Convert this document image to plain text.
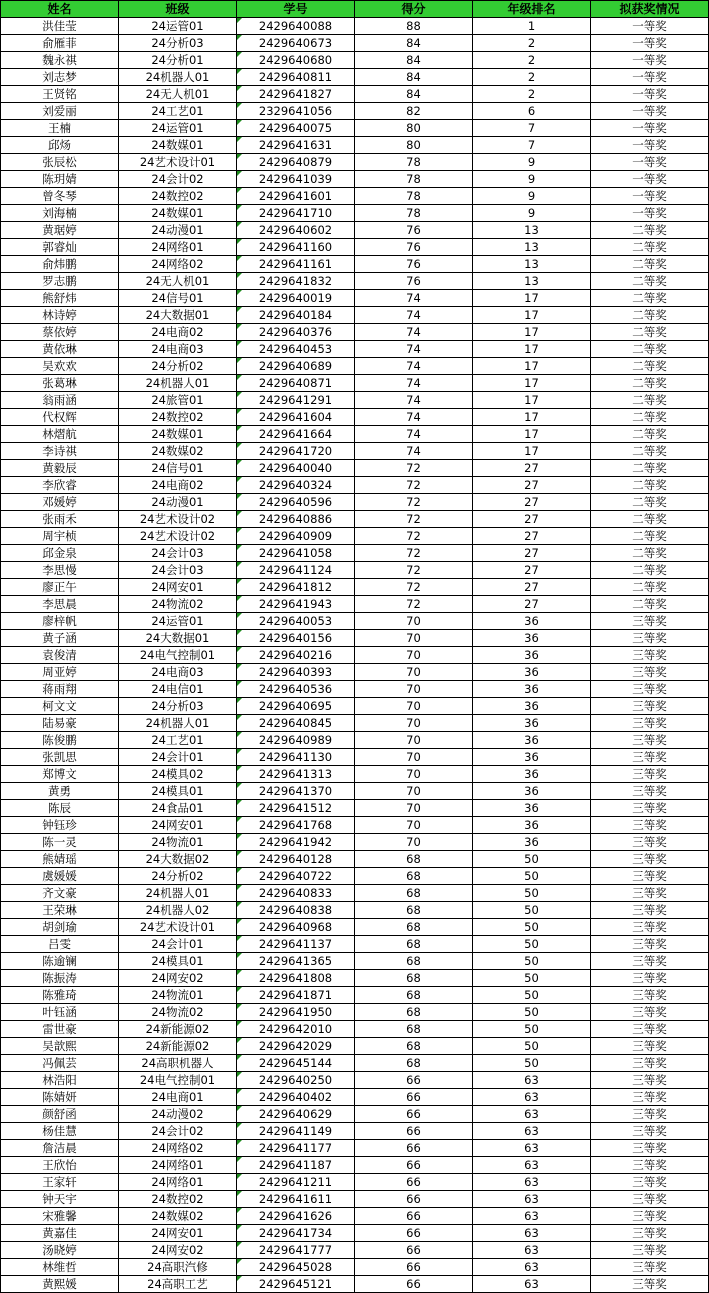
姓名	班级	学号	得分	年级排名	拟获奖情况
洪佳莹	24运管01	2429640088	88	1	一等奖
俞雁菲	24分析03	2429640673	84	2	一等奖
魏永祺	24分析01	2429640680	84	2	一等奖
刘志梦	24机器人01	2429640811	84	2	一等奖
王贤铭	24无人机01	2429641827	84	2	一等奖
刘爱丽	24工艺01	2329641056	82	6	一等奖
王楠	24运管01	2429640075	80	7	一等奖
邱炀	24数媒01	2429641631	80	7	一等奖
张辰松	24艺术设计01	2429640879	78	9	一等奖
陈玥婧	24会计02	2429641039	78	9	一等奖
曾冬琴	24数控02	2429641601	78	9	一等奖
刘海楠	24数媒01	2429641710	78	9	一等奖
黄琚婷	24动漫01	2429640602	76	13	二等奖
郭睿灿	24网络01	2429641160	76	13	二等奖
俞炜鹏	24网络02	2429641161	76	13	二等奖
罗志鹏	24无人机01	2429641832	76	13	二等奖
熊舒炜	24信号01	2429640019	74	17	二等奖
林诗婷	24大数据01	2429640184	74	17	二等奖
蔡依婷	24电商02	2429640376	74	17	二等奖
黄依琳	24电商03	2429640453	74	17	二等奖
吴欢欢	24分析02	2429640689	74	17	二等奖
张葛琳	24机器人01	2429640871	74	17	二等奖
翁雨涵	24旅管01	2429641291	74	17	二等奖
代权辉	24数控02	2429641604	74	17	二等奖
林熠航	24数媒01	2429641664	74	17	二等奖
李诗祺	24数媒02	2429641720	74	17	二等奖
黄毅辰	24信号01	2429640040	72	27	二等奖
李欣睿	24电商02	2429640324	72	27	二等奖
邓媛婷	24动漫01	2429640596	72	27	二等奖
张雨禾	24艺术设计02	2429640886	72	27	二等奖
周宇桢	24艺术设计02	2429640909	72	27	二等奖
邱金泉	24会计03	2429641058	72	27	二等奖
李思慢	24会计03	2429641124	72	27	二等奖
廖正午	24网安01	2429641812	72	27	二等奖
李思晨	24物流02	2429641943	72	27	二等奖
廖梓帆	24运管01	2429640053	70	36	三等奖
黄子涵	24大数据01	2429640156	70	36	三等奖
袁俊清	24电气控制01	2429640216	70	36	三等奖
周亚婷	24电商03	2429640393	70	36	三等奖
蒋雨翔	24电信01	2429640536	70	36	三等奖
柯文文	24分析03	2429640695	70	36	三等奖
陆易豪	24机器人01	2429640845	70	36	三等奖
陈俊鹏	24工艺01	2429640989	70	36	三等奖
张凯思	24会计01	2429641130	70	36	三等奖
郑博文	24模具02	2429641313	70	36	三等奖
黄勇	24模具01	2429641370	70	36	三等奖
陈辰	24食品01	2429641512	70	36	三等奖
钟钰珍	24网安01	2429641768	70	36	三等奖
陈一灵	24物流01	2429641942	70	36	三等奖
熊婧瑶	24大数据02	2429640128	68	50	三等奖
虞媛媛	24分析02	2429640722	68	50	三等奖
齐文豪	24机器人01	2429640833	68	50	三等奖
王荣琳	24机器人02	2429640838	68	50	三等奖
胡剑瑜	24艺术设计01	2429640968	68	50	三等奖
吕雯	24会计01	2429641137	68	50	三等奖
陈逾镧	24模具01	2429641365	68	50	三等奖
陈振涛	24网安02	2429641808	68	50	三等奖
陈雅琦	24物流01	2429641871	68	50	三等奖
叶钰涵	24物流02	2429641950	68	50	三等奖
雷世豪	24新能源02	2429642010	68	50	三等奖
吴歆熙	24新能源02	2429642029	68	50	三等奖
冯佩芸	24高职机器人	2429645144	68	50	三等奖
林浩阳	24电气控制01	2429640250	66	63	三等奖
陈婧妍	24电商01	2429640402	66	63	三等奖
颜舒函	24动漫02	2429640629	66	63	三等奖
杨佳慧	24会计02	2429641149	66	63	三等奖
詹洁晨	24网络02	2429641177	66	63	三等奖
王欣怡	24网络01	2429641187	66	63	三等奖
王家轩	24网络01	2429641211	66	63	三等奖
钟天宇	24数控02	2429641611	66	63	三等奖
宋雅馨	24数媒02	2429641626	66	63	三等奖
黄嘉佳	24网安01	2429641734	66	63	三等奖
汤晓婷	24网安02	2429641777	66	63	三等奖
林维哲	24高职汽修	2429645028	66	63	三等奖
黄熙媛	24高职工艺	2429645121	66	63	三等奖
